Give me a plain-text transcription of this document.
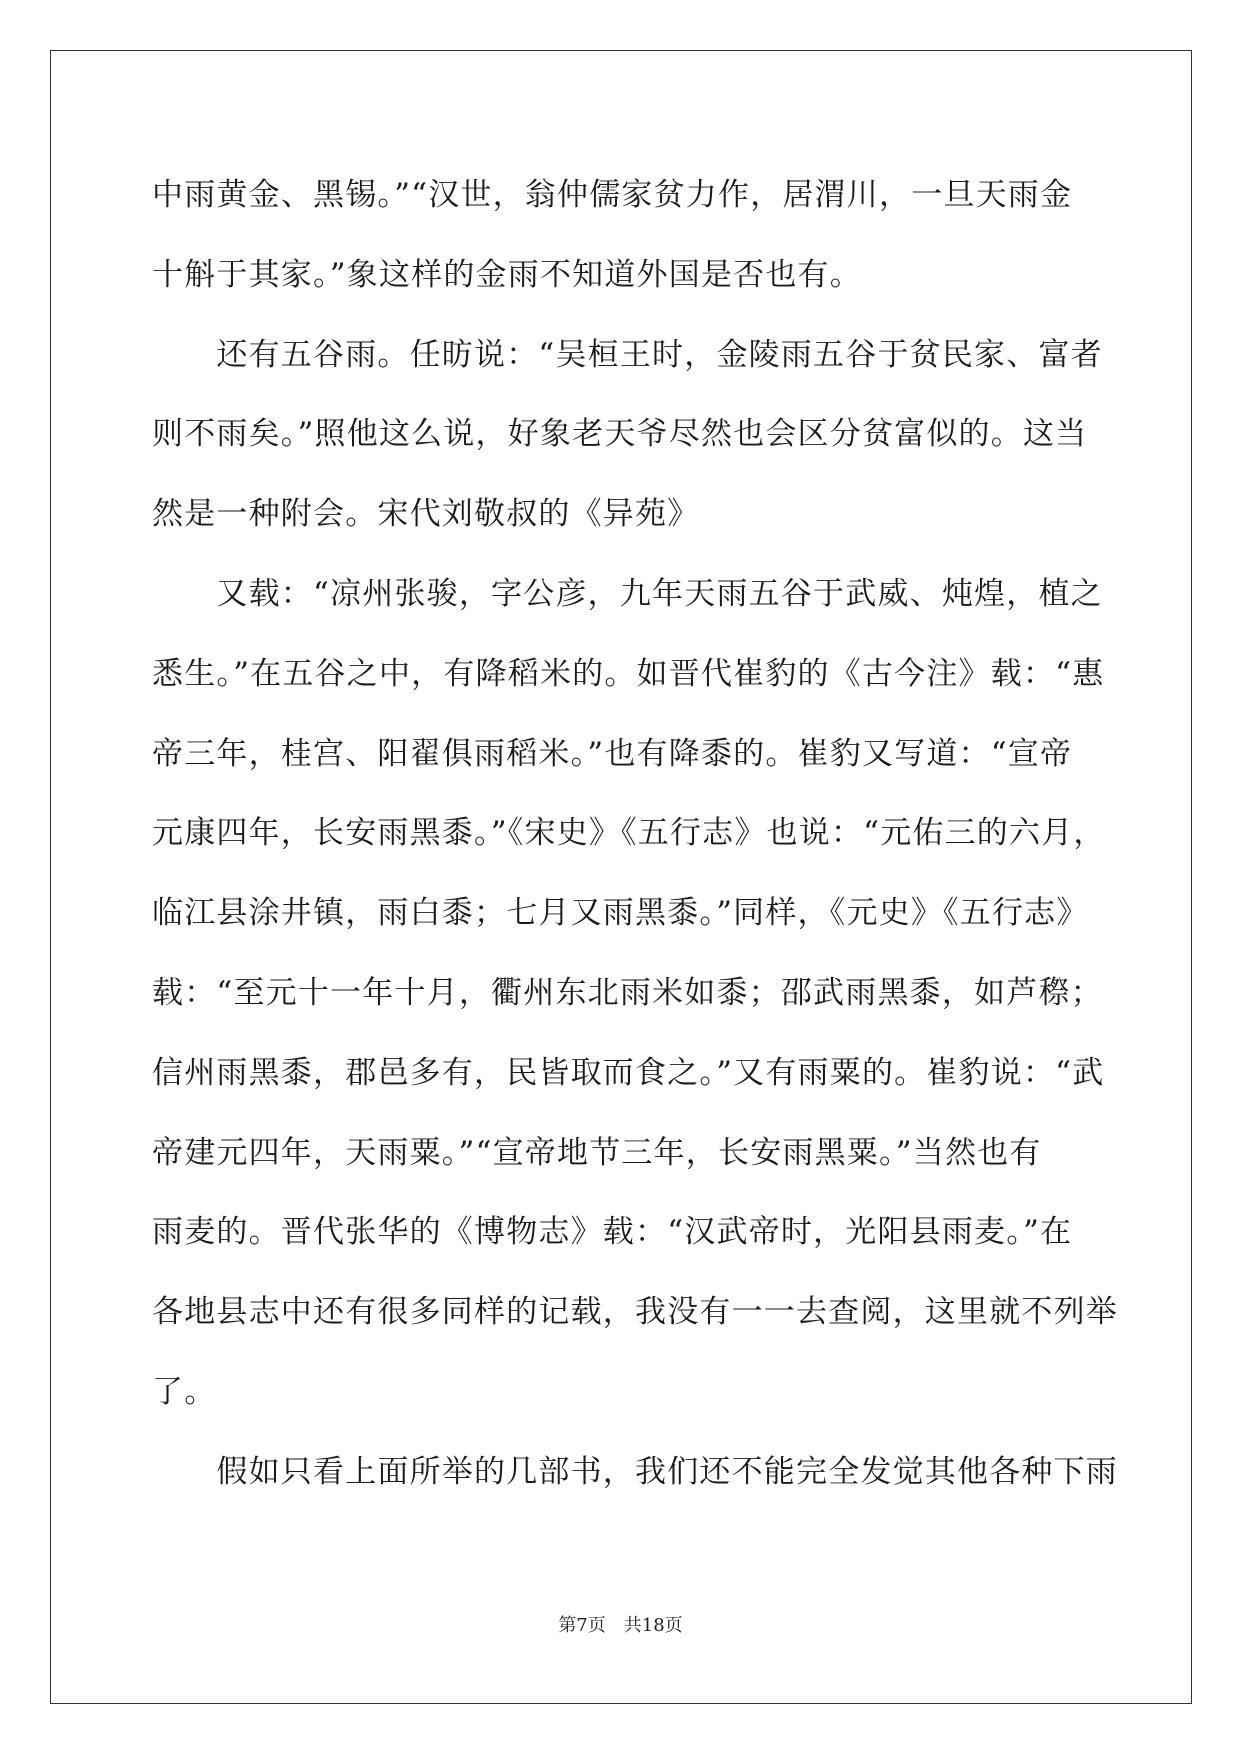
中雨黄金、黑锡。”“汉世，翁仲儒家贫力作，居渭川，一旦天雨金
十斛于其家。”象这样的金雨不知道外国是否也有。
　　还有五谷雨。任昉说：“吴桓王时，金陵雨五谷于贫民家、富者
则不雨矣。”照他这么说，好象老天爷尽然也会区分贫富似的。这当
然是一种附会。宋代刘敬叔的《异苑》
　　又载：“凉州张骏，字公彦，九年天雨五谷于武威、炖煌，植之
悉生。”在五谷之中，有降稻米的。如晋代崔豹的《古今注》载：“惠
帝三年，桂宫、阳翟俱雨稻米。”也有降黍的。崔豹又写道：“宣帝
元康四年，长安雨黑黍。”《宋史》《五行志》也说：“元佑三的六月，
临江县涂井镇，雨白黍；七月又雨黑黍。”同样，《元史》《五行志》
载：“至元十一年十月，衢州东北雨米如黍；邵武雨黑黍，如芦穄；
信州雨黑黍，郡邑多有，民皆取而食之。”又有雨粟的。崔豹说：“武
帝建元四年，天雨粟。”“宣帝地节三年，长安雨黑粟。”当然也有
雨麦的。晋代张华的《博物志》载：“汉武帝时，光阳县雨麦。”在
各地县志中还有很多同样的记载，我没有一一去查阅，这里就不列举
了。
　　假如只看上面所举的几部书，我们还不能完全发觉其他各种下雨
第7页　共18页
